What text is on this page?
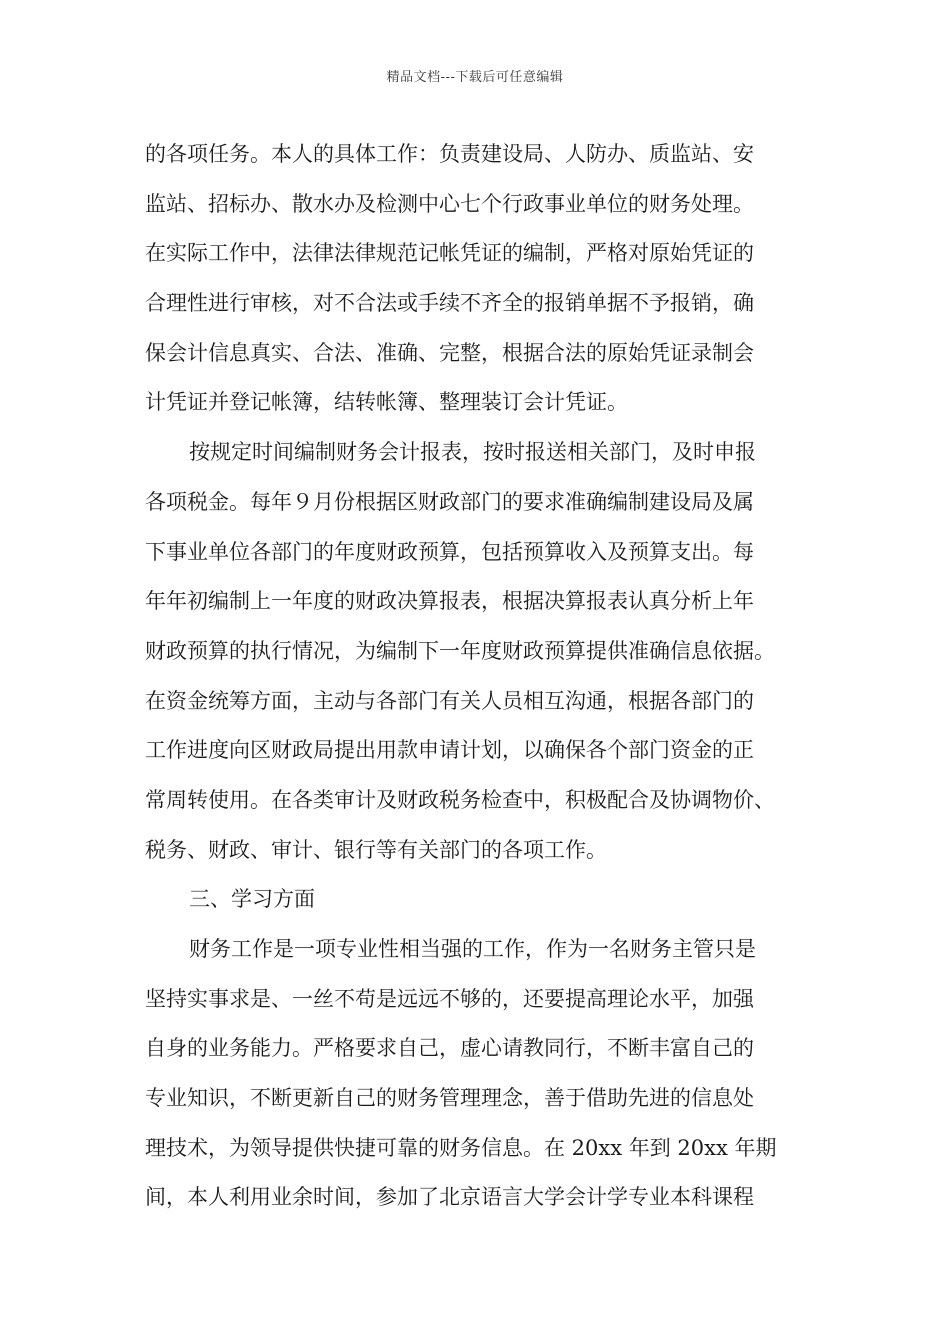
精品文档---下载后可任意编辑
的各项任务。本人的具体工作：负责建设局、人防办、质监站、安
监站、招标办、散水办及检测中心七个行政事业单位的财务处理。
在实际工作中，法律法律规范记帐凭证的编制，严格对原始凭证的
合理性进行审核，对不合法或手续不齐全的报销单据不予报销，确
保会计信息真实、合法、准确、完整，根据合法的原始凭证录制会
计凭证并登记帐簿，结转帐簿、整理装订会计凭证。
按规定时间编制财务会计报表，按时报送相关部门，及时申报
各项税金。每年９月份根据区财政部门的要求准确编制建设局及属
下事业单位各部门的年度财政预算，包括预算收入及预算支出。每
年年初编制上一年度的财政决算报表，根据决算报表认真分析上年
财政预算的执行情况，为编制下一年度财政预算提供准确信息依据。
在资金统筹方面，主动与各部门有关人员相互沟通，根据各部门的
工作进度向区财政局提出用款申请计划，以确保各个部门资金的正
常周转使用。在各类审计及财政税务检查中，积极配合及协调物价、
税务、财政、审计、银行等有关部门的各项工作。
三、学习方面
财务工作是一项专业性相当强的工作，作为一名财务主管只是
坚持实事求是、一丝不苟是远远不够的，还要提高理论水平，加强
自身的业务能力。严格要求自己，虚心请教同行，不断丰富自己的
专业知识，不断更新自己的财务管理理念，善于借助先进的信息处
理技术，为领导提供快捷可靠的财务信息。在 20xx 年到 20xx 年期
间，本人利用业余时间，参加了北京语言大学会计学专业本科课程
